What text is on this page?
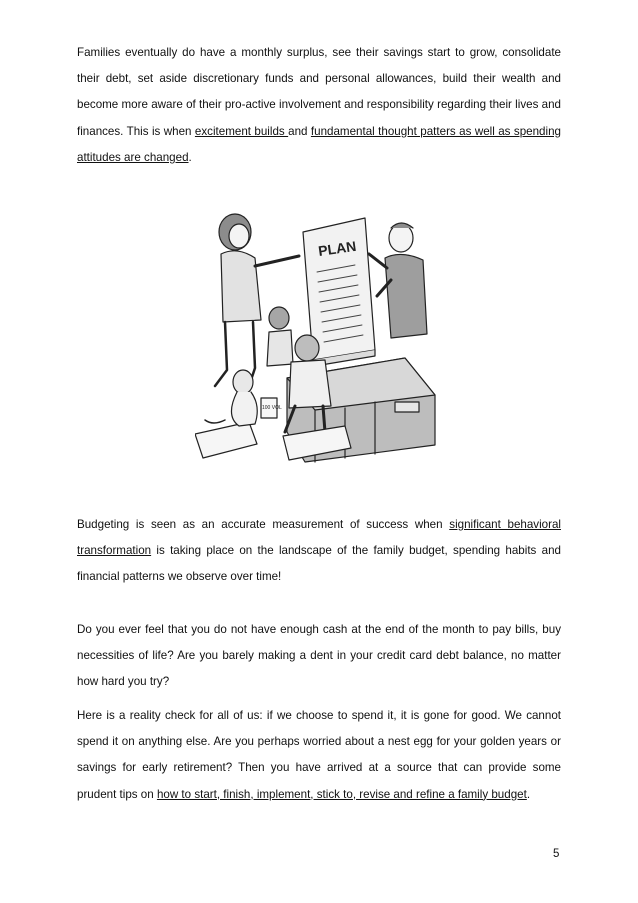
Families eventually do have a monthly surplus, see their savings start to grow, consolidate their debt, set aside discretionary funds and personal allowances, build their wealth and become more aware of their pro-active involvement and responsibility regarding their lives and finances. This is when excitement builds and fundamental thought patters as well as spending attitudes are changed.

PLAN
100 VOL

Budgeting is seen as an accurate measurement of success when significant behavioral transformation is taking place on the landscape of the family budget, spending habits and financial patterns we observe over time!

Do you ever feel that you do not have enough cash at the end of the month to pay bills, buy necessities of life? Are you barely making a dent in your credit card debt balance, no matter how hard you try?

Here is a reality check for all of us: if we choose to spend it, it is gone for good. We cannot spend it on anything else. Are you perhaps worried about a nest egg for your golden years or savings for early retirement? Then you have arrived at a source that can provide some prudent tips on how to start, finish, implement, stick to, revise and refine a family budget.

5
